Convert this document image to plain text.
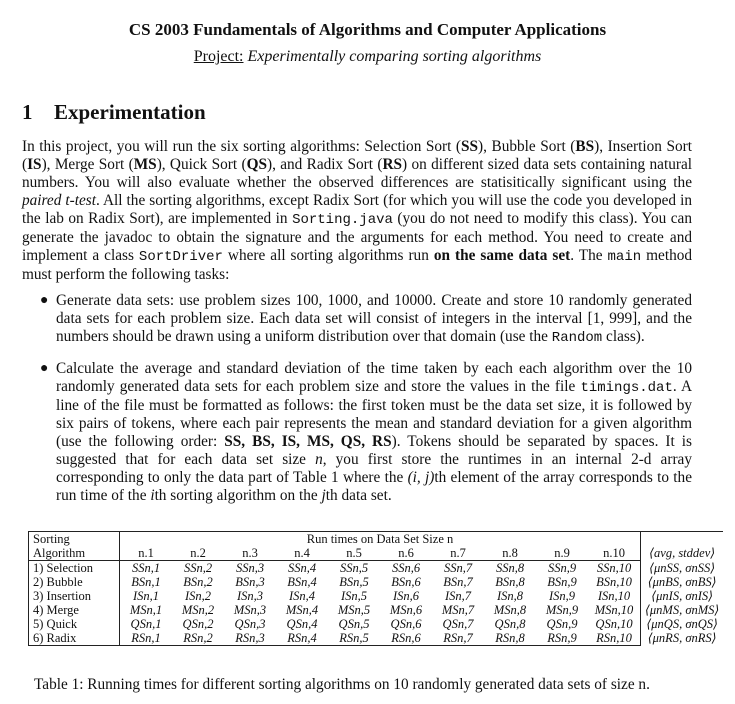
CS 2003 Fundamentals of Algorithms and Computer Applications
Project: Experimentally comparing sorting algorithms
1 Experimentation
In this project, you will run the six sorting algorithms: Selection Sort (SS), Bubble Sort (BS), Insertion Sort (IS), Merge Sort (MS), Quick Sort (QS), and Radix Sort (RS) on different sized data sets containing natural numbers. You will also evaluate whether the observed differences are statisitically significant using the paired t-test. All the sorting algorithms, except Radix Sort (for which you will use the code you developed in the lab on Radix Sort), are implemented in Sorting.java (you do not need to modify this class). You can generate the javadoc to obtain the signature and the arguments for each method. You need to create and implement a class SortDriver where all sorting algorithms run on the same data set. The main method must perform the following tasks:
● Generate data sets: use problem sizes 100, 1000, and 10000. Create and store 10 randomly generated data sets for each problem size. Each data set will consist of integers in the interval [1, 999], and the numbers should be drawn using a uniform distribution over that domain (use the Random class).
● Calculate the average and standard deviation of the time taken by each each algorithm over the 10 randomly generated data sets for each problem size and store the values in the file timings.dat. A line of the file must be formatted as follows: the first token must be the data set size, it is followed by six pairs of tokens, where each pair represents the mean and standard deviation for a given algorithm (use the following order: SS, BS, IS, MS, QS, RS). Tokens should be separated by spaces. It is suggested that for each data set size n, you first store the runtimes in an internal 2-d array corresponding to only the data part of Table 1 where the (i, j)th element of the array corresponds to the run time of the ith sorting algorithm on the jth data set.
Sorting	Run times on Data Set Size n										
Algorithm	n.1	n.2	n.3	n.4	n.5	n.6	n.7	n.8	n.9	n.10	⟨avg, stddev⟩
1) Selection	SSn,1	SSn,2	SSn,3	SSn,4	SSn,5	SSn,6	SSn,7	SSn,8	SSn,9	SSn,10	⟨μnSS, σnSS⟩
2) Bubble	BSn,1	BSn,2	BSn,3	BSn,4	BSn,5	BSn,6	BSn,7	BSn,8	BSn,9	BSn,10	⟨μnBS, σnBS⟩
3) Insertion	ISn,1	ISn,2	ISn,3	ISn,4	ISn,5	ISn,6	ISn,7	ISn,8	ISn,9	ISn,10	⟨μnIS, σnIS⟩
4) Merge	MSn,1	MSn,2	MSn,3	MSn,4	MSn,5	MSn,6	MSn,7	MSn,8	MSn,9	MSn,10	⟨μnMS, σnMS⟩
5) Quick	QSn,1	QSn,2	QSn,3	QSn,4	QSn,5	QSn,6	QSn,7	QSn,8	QSn,9	QSn,10	⟨μnQS, σnQS⟩
6) Radix	RSn,1	RSn,2	RSn,3	RSn,4	RSn,5	RSn,6	RSn,7	RSn,8	RSn,9	RSn,10	⟨μnRS, σnRS⟩
Table 1: Running times for different sorting algorithms on 10 randomly generated data sets of size n.
